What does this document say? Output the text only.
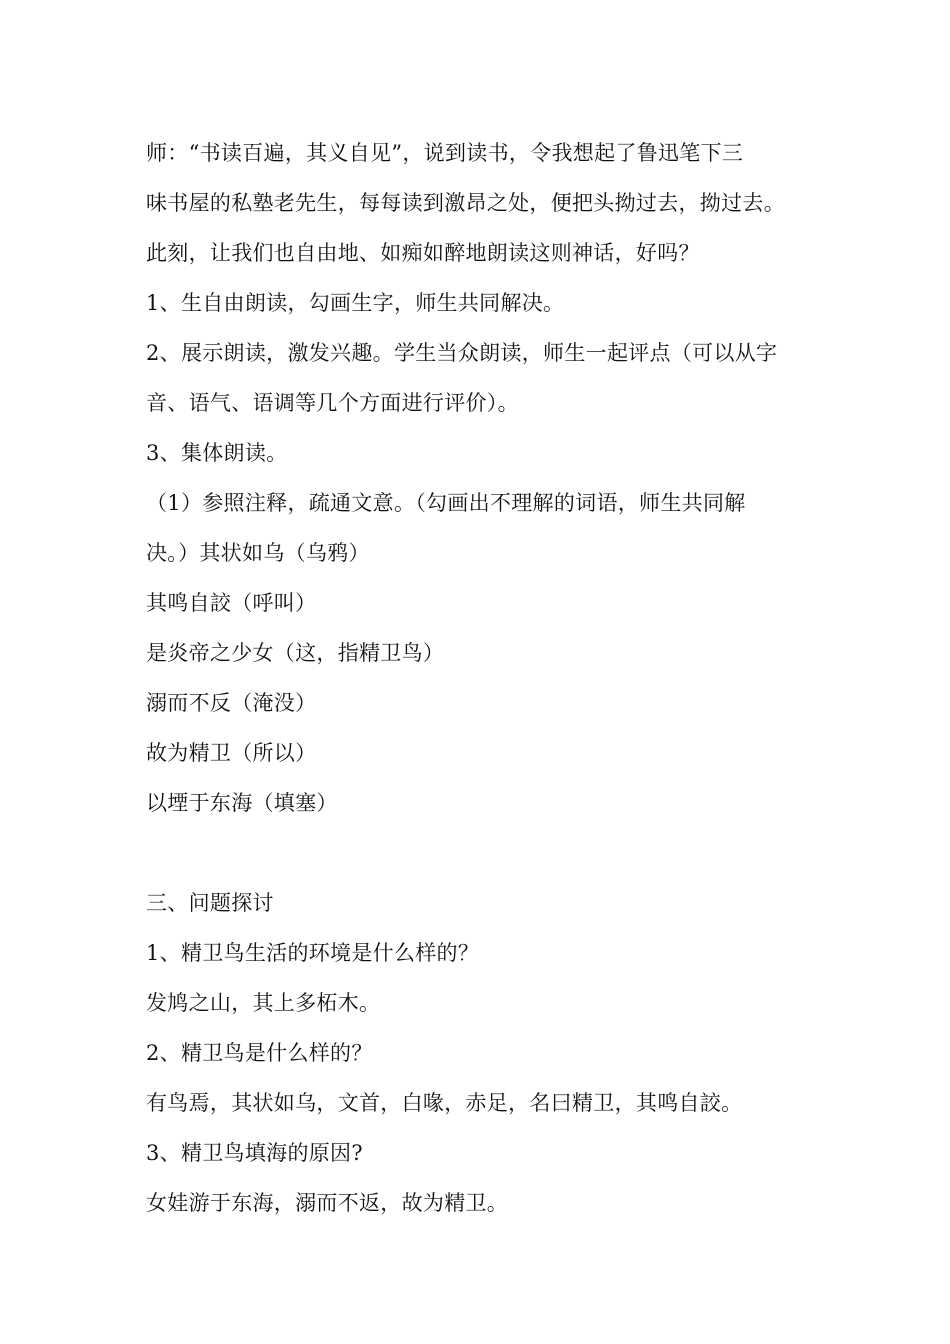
师：“书读百遍，其义自见”，说到读书，令我想起了鲁迅笔下三
味书屋的私塾老先生，每每读到激昂之处，便把头拗过去，拗过去。
此刻，让我们也自由地、如痴如醉地朗读这则神话，好吗？
1、生自由朗读，勾画生字，师生共同解决。
2、展示朗读，激发兴趣。学生当众朗读，师生一起评点（可以从字
音、语气、语调等几个方面进行评价）。
3、集体朗读。
（1）参照注释，疏通文意。（勾画出不理解的词语，师生共同解
决。）其状如乌（乌鸦）
其鸣自詨（呼叫）
是炎帝之少女（这，指精卫鸟）
溺而不反（淹没）
故为精卫（所以）
以堙于东海（填塞）
三、问题探讨
1、精卫鸟生活的环境是什么样的？
发鸠之山，其上多柘木。
2、精卫鸟是什么样的？
有鸟焉，其状如乌，文首，白喙，赤足，名曰精卫，其鸣自詨。
3、精卫鸟填海的原因?
女娃游于东海，溺而不返，故为精卫。
